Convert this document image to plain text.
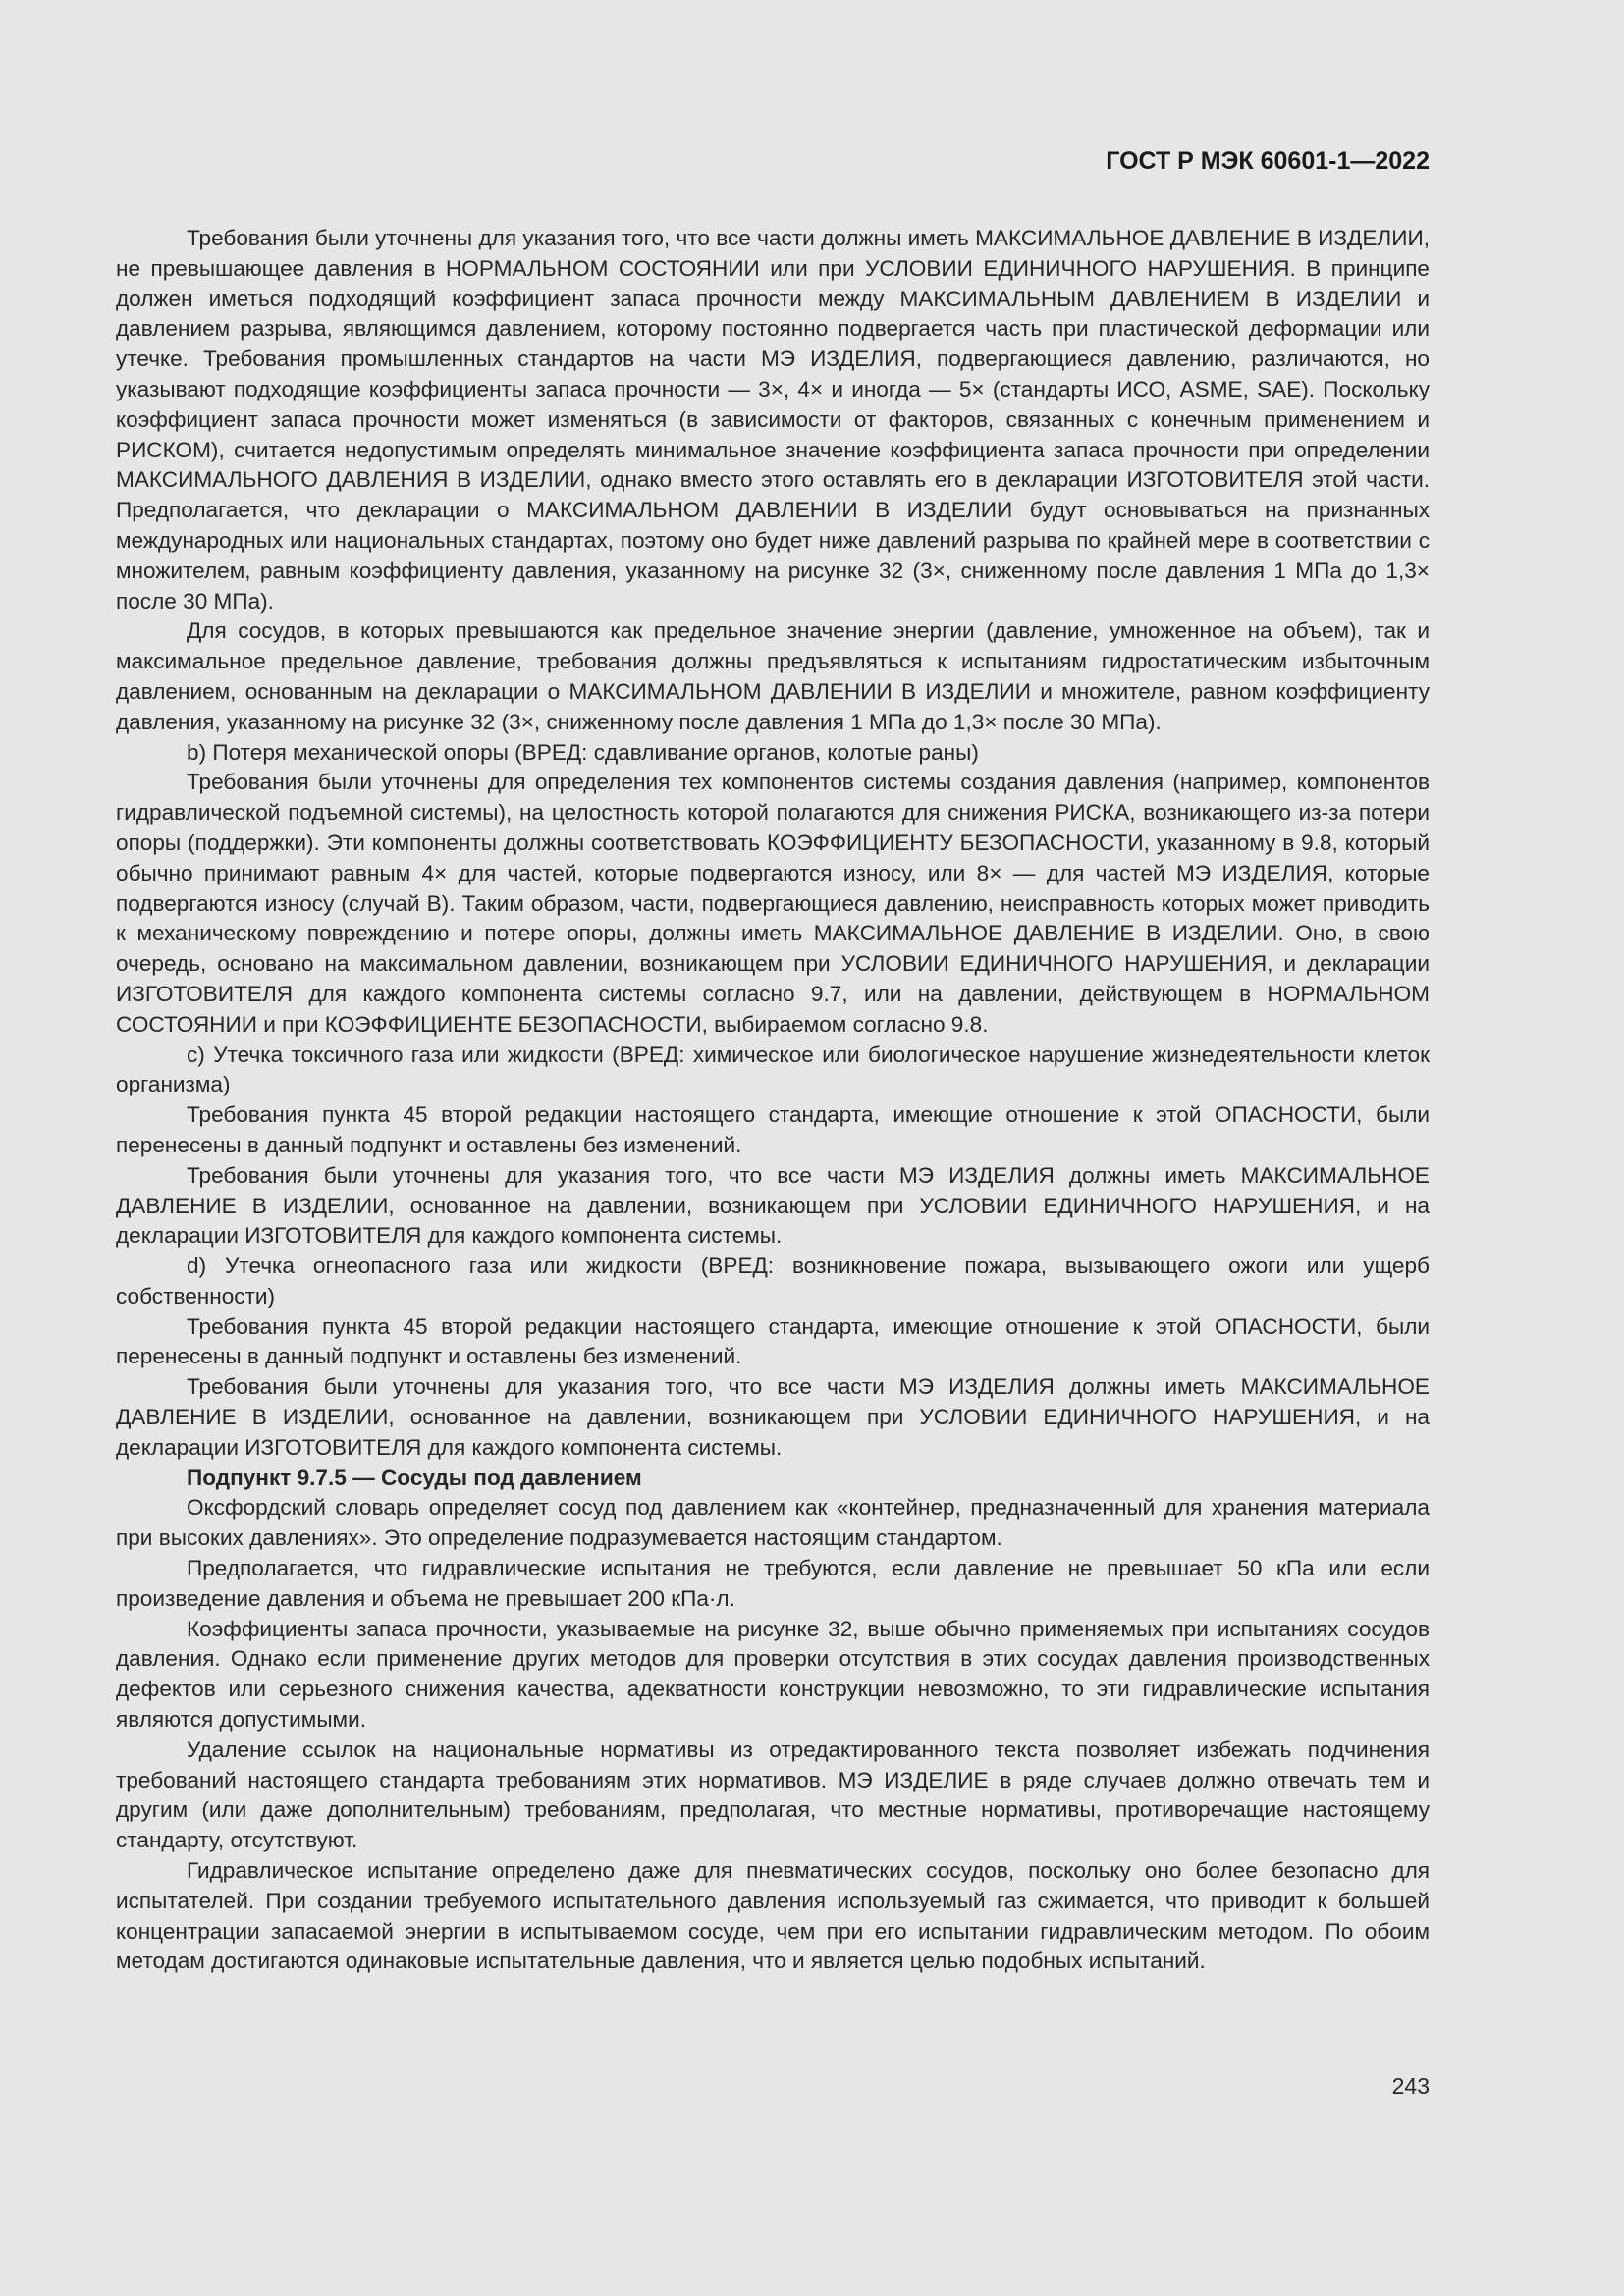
ГОСТ Р МЭК 60601-1—2022

Требования были уточнены для указания того, что все части должны иметь МАКСИМАЛЬНОЕ ДАВЛЕНИЕ В ИЗДЕЛИИ, не превышающее давления в НОРМАЛЬНОМ СОСТОЯНИИ или при УСЛОВИИ ЕДИНИЧНОГО НАРУШЕНИЯ. В принципе должен иметься подходящий коэффициент запаса прочности между МАКСИМАЛЬНЫМ ДАВЛЕНИЕМ В ИЗДЕЛИИ и давлением разрыва, являющимся давлением, которому постоянно подвергается часть при пластической деформации или утечке. Требования промышленных стандартов на части МЭ ИЗДЕЛИЯ, подвергающиеся давлению, различаются, но указывают подходящие коэффициенты запаса прочности — 3×, 4× и иногда — 5× (стандарты ИСО, ASME, SAE). Поскольку коэффициент запаса прочности может изменяться (в зависимости от факторов, связанных с конечным применением и РИСКОМ), считается недопустимым определять минимальное значение коэффициента запаса прочности при определении МАКСИМАЛЬНОГО ДАВЛЕНИЯ В ИЗДЕЛИИ, однако вместо этого оставлять его в декларации ИЗГОТОВИТЕЛЯ этой части. Предполагается, что декларации о МАКСИМАЛЬНОМ ДАВЛЕНИИ В ИЗДЕЛИИ будут основываться на признанных международных или национальных стандартах, поэтому оно будет ниже давлений разрыва по крайней мере в соответствии с множителем, равным коэффициенту давления, указанному на рисунке 32 (3×, сниженному после давления 1 МПа до 1,3× после 30 МПа).

Для сосудов, в которых превышаются как предельное значение энергии (давление, умноженное на объем), так и максимальное предельное давление, требования должны предъявляться к испытаниям гидростатическим избыточным давлением, основанным на декларации о МАКСИМАЛЬНОМ ДАВЛЕНИИ В ИЗДЕЛИИ и множителе, равном коэффициенту давления, указанному на рисунке 32 (3×, сниженному после давления 1 МПа до 1,3× после 30 МПа).

b) Потеря механической опоры (ВРЕД: сдавливание органов, колотые раны)

Требования были уточнены для определения тех компонентов системы создания давления (например, компонентов гидравлической подъемной системы), на целостность которой полагаются для снижения РИСКА, возникающего из-за потери опоры (поддержки). Эти компоненты должны соответствовать КОЭФФИЦИЕНТУ БЕЗОПАСНОСТИ, указанному в 9.8, который обычно принимают равным 4× для частей, которые подвергаются износу, или 8× — для частей МЭ ИЗДЕЛИЯ, которые подвергаются износу (случай В). Таким образом, части, подвергающиеся давлению, неисправность которых может приводить к механическому повреждению и потере опоры, должны иметь МАКСИМАЛЬНОЕ ДАВЛЕНИЕ В ИЗДЕЛИИ. Оно, в свою очередь, основано на максимальном давлении, возникающем при УСЛОВИИ ЕДИНИЧНОГО НАРУШЕНИЯ, и декларации ИЗГОТОВИТЕЛЯ для каждого компонента системы согласно 9.7, или на давлении, действующем в НОРМАЛЬНОМ СОСТОЯНИИ и при КОЭФФИЦИЕНТЕ БЕЗОПАСНОСТИ, выбираемом согласно 9.8.

c) Утечка токсичного газа или жидкости (ВРЕД: химическое или биологическое нарушение жизнедеятельности клеток организма)

Требования пункта 45 второй редакции настоящего стандарта, имеющие отношение к этой ОПАСНОСТИ, были перенесены в данный подпункт и оставлены без изменений.

Требования были уточнены для указания того, что все части МЭ ИЗДЕЛИЯ должны иметь МАКСИМАЛЬНОЕ ДАВЛЕНИЕ В ИЗДЕЛИИ, основанное на давлении, возникающем при УСЛОВИИ ЕДИНИЧНОГО НАРУШЕНИЯ, и на декларации ИЗГОТОВИТЕЛЯ для каждого компонента системы.

d) Утечка огнеопасного газа или жидкости (ВРЕД: возникновение пожара, вызывающего ожоги или ущерб собственности)

Требования пункта 45 второй редакции настоящего стандарта, имеющие отношение к этой ОПАСНОСТИ, были перенесены в данный подпункт и оставлены без изменений.

Требования были уточнены для указания того, что все части МЭ ИЗДЕЛИЯ должны иметь МАКСИМАЛЬНОЕ ДАВЛЕНИЕ В ИЗДЕЛИИ, основанное на давлении, возникающем при УСЛОВИИ ЕДИНИЧНОГО НАРУШЕНИЯ, и на декларации ИЗГОТОВИТЕЛЯ для каждого компонента системы.

Подпункт 9.7.5 — Сосуды под давлением

Оксфордский словарь определяет сосуд под давлением как «контейнер, предназначенный для хранения материала при высоких давлениях». Это определение подразумевается настоящим стандартом.

Предполагается, что гидравлические испытания не требуются, если давление не превышает 50 кПа или если произведение давления и объема не превышает 200 кПа·л.

Коэффициенты запаса прочности, указываемые на рисунке 32, выше обычно применяемых при испытаниях сосудов давления. Однако если применение других методов для проверки отсутствия в этих сосудах давления производственных дефектов или серьезного снижения качества, адекватности конструкции невозможно, то эти гидравлические испытания являются допустимыми.

Удаление ссылок на национальные нормативы из отредактированного текста позволяет избежать подчинения требований настоящего стандарта требованиям этих нормативов. МЭ ИЗДЕЛИЕ в ряде случаев должно отвечать тем и другим (или даже дополнительным) требованиям, предполагая, что местные нормативы, противоречащие настоящему стандарту, отсутствуют.

Гидравлическое испытание определено даже для пневматических сосудов, поскольку оно более безопасно для испытателей. При создании требуемого испытательного давления используемый газ сжимается, что приводит к большей концентрации запасаемой энергии в испытываемом сосуде, чем при его испытании гидравлическим методом. По обоим методам достигаются одинаковые испытательные давления, что и является целью подобных испытаний.

243
